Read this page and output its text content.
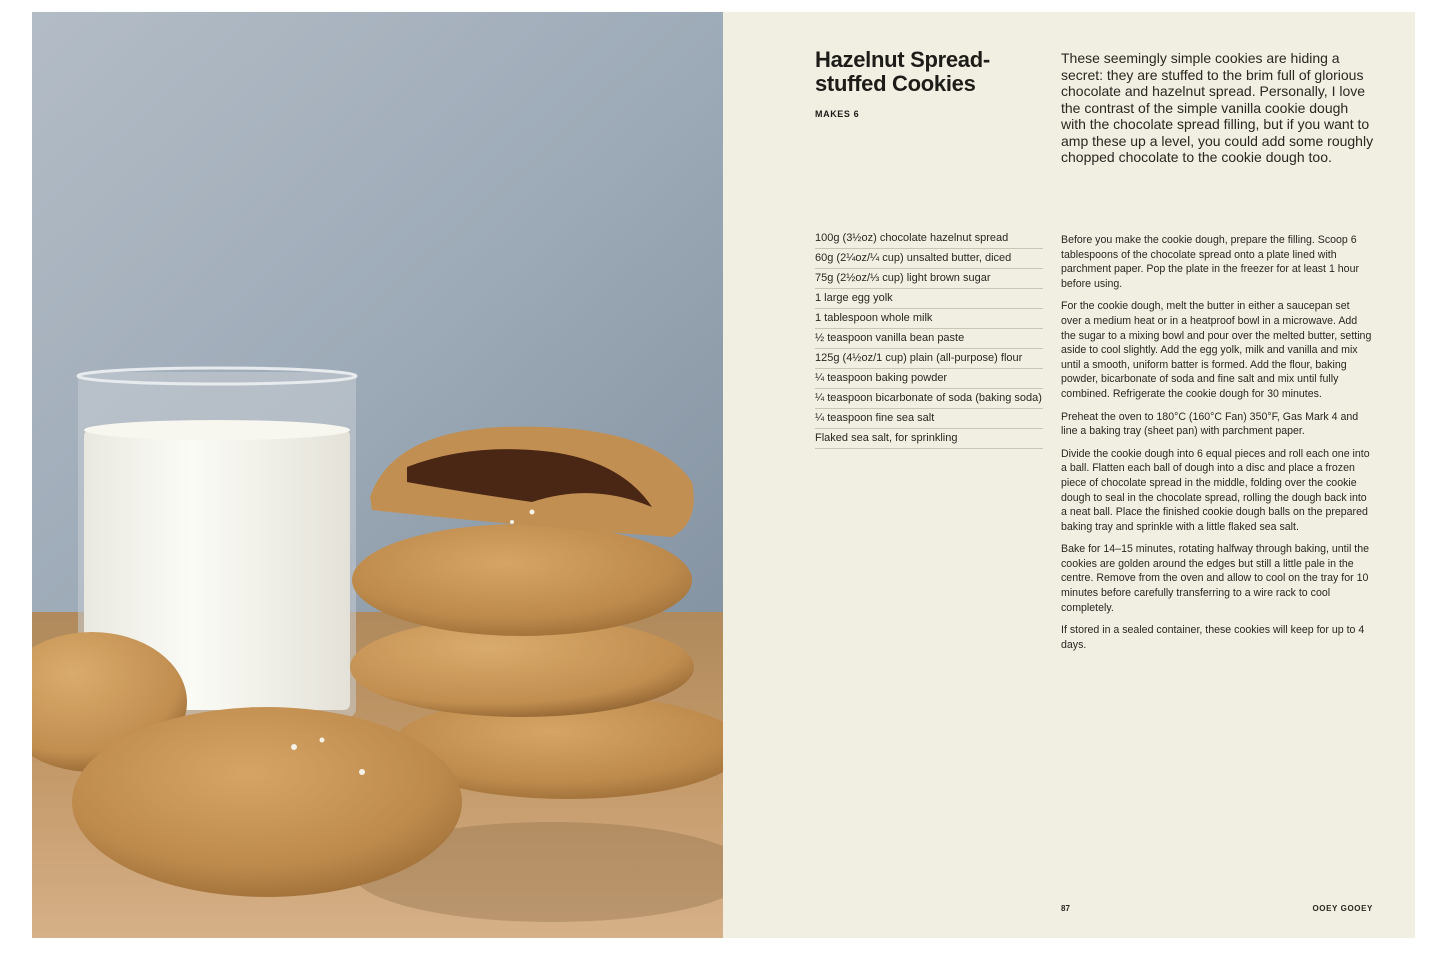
Hazelnut Spread-
stuffed Cookies
MAKES 6

These seemingly simple cookies are hiding a secret: they are stuffed to the brim full of glorious chocolate and hazelnut spread. Personally, I love the contrast of the simple vanilla cookie dough with the chocolate spread filling, but if you want to amp these up a level, you could add some roughly chopped chocolate to the cookie dough too.

100g (3½oz) chocolate hazelnut spread
60g (2¼oz/¼ cup) unsalted butter, diced
75g (2½oz/⅓ cup) light brown sugar
1 large egg yolk
1 tablespoon whole milk
½ teaspoon vanilla bean paste
125g (4½oz/1 cup) plain (all-purpose) flour
¼ teaspoon baking powder
¼ teaspoon bicarbonate of soda (baking soda)
¼ teaspoon fine sea salt
Flaked sea salt, for sprinkling

Before you make the cookie dough, prepare the filling. Scoop 6 tablespoons of the chocolate spread onto a plate lined with parchment paper. Pop the plate in the freezer for at least 1 hour before using.

For the cookie dough, melt the butter in either a saucepan set over a medium heat or in a heatproof bowl in a microwave. Add the sugar to a mixing bowl and pour over the melted butter, setting aside to cool slightly. Add the egg yolk, milk and vanilla and mix until a smooth, uniform batter is formed. Add the flour, baking powder, bicarbonate of soda and fine salt and mix until fully combined. Refrigerate the cookie dough for 30 minutes.

Preheat the oven to 180°C (160°C Fan) 350°F, Gas Mark 4 and line a baking tray (sheet pan) with parchment paper.

Divide the cookie dough into 6 equal pieces and roll each one into a ball. Flatten each ball of dough into a disc and place a frozen piece of chocolate spread in the middle, folding over the cookie dough to seal in the chocolate spread, rolling the dough back into a neat ball. Place the finished cookie dough balls on the prepared baking tray and sprinkle with a little flaked sea salt.

Bake for 14–15 minutes, rotating halfway through baking, until the cookies are golden around the edges but still a little pale in the centre. Remove from the oven and allow to cool on the tray for 10 minutes before carefully transferring to a wire rack to cool completely.

If stored in a sealed container, these cookies will keep for up to 4 days.

87	OOEY GOOEY
